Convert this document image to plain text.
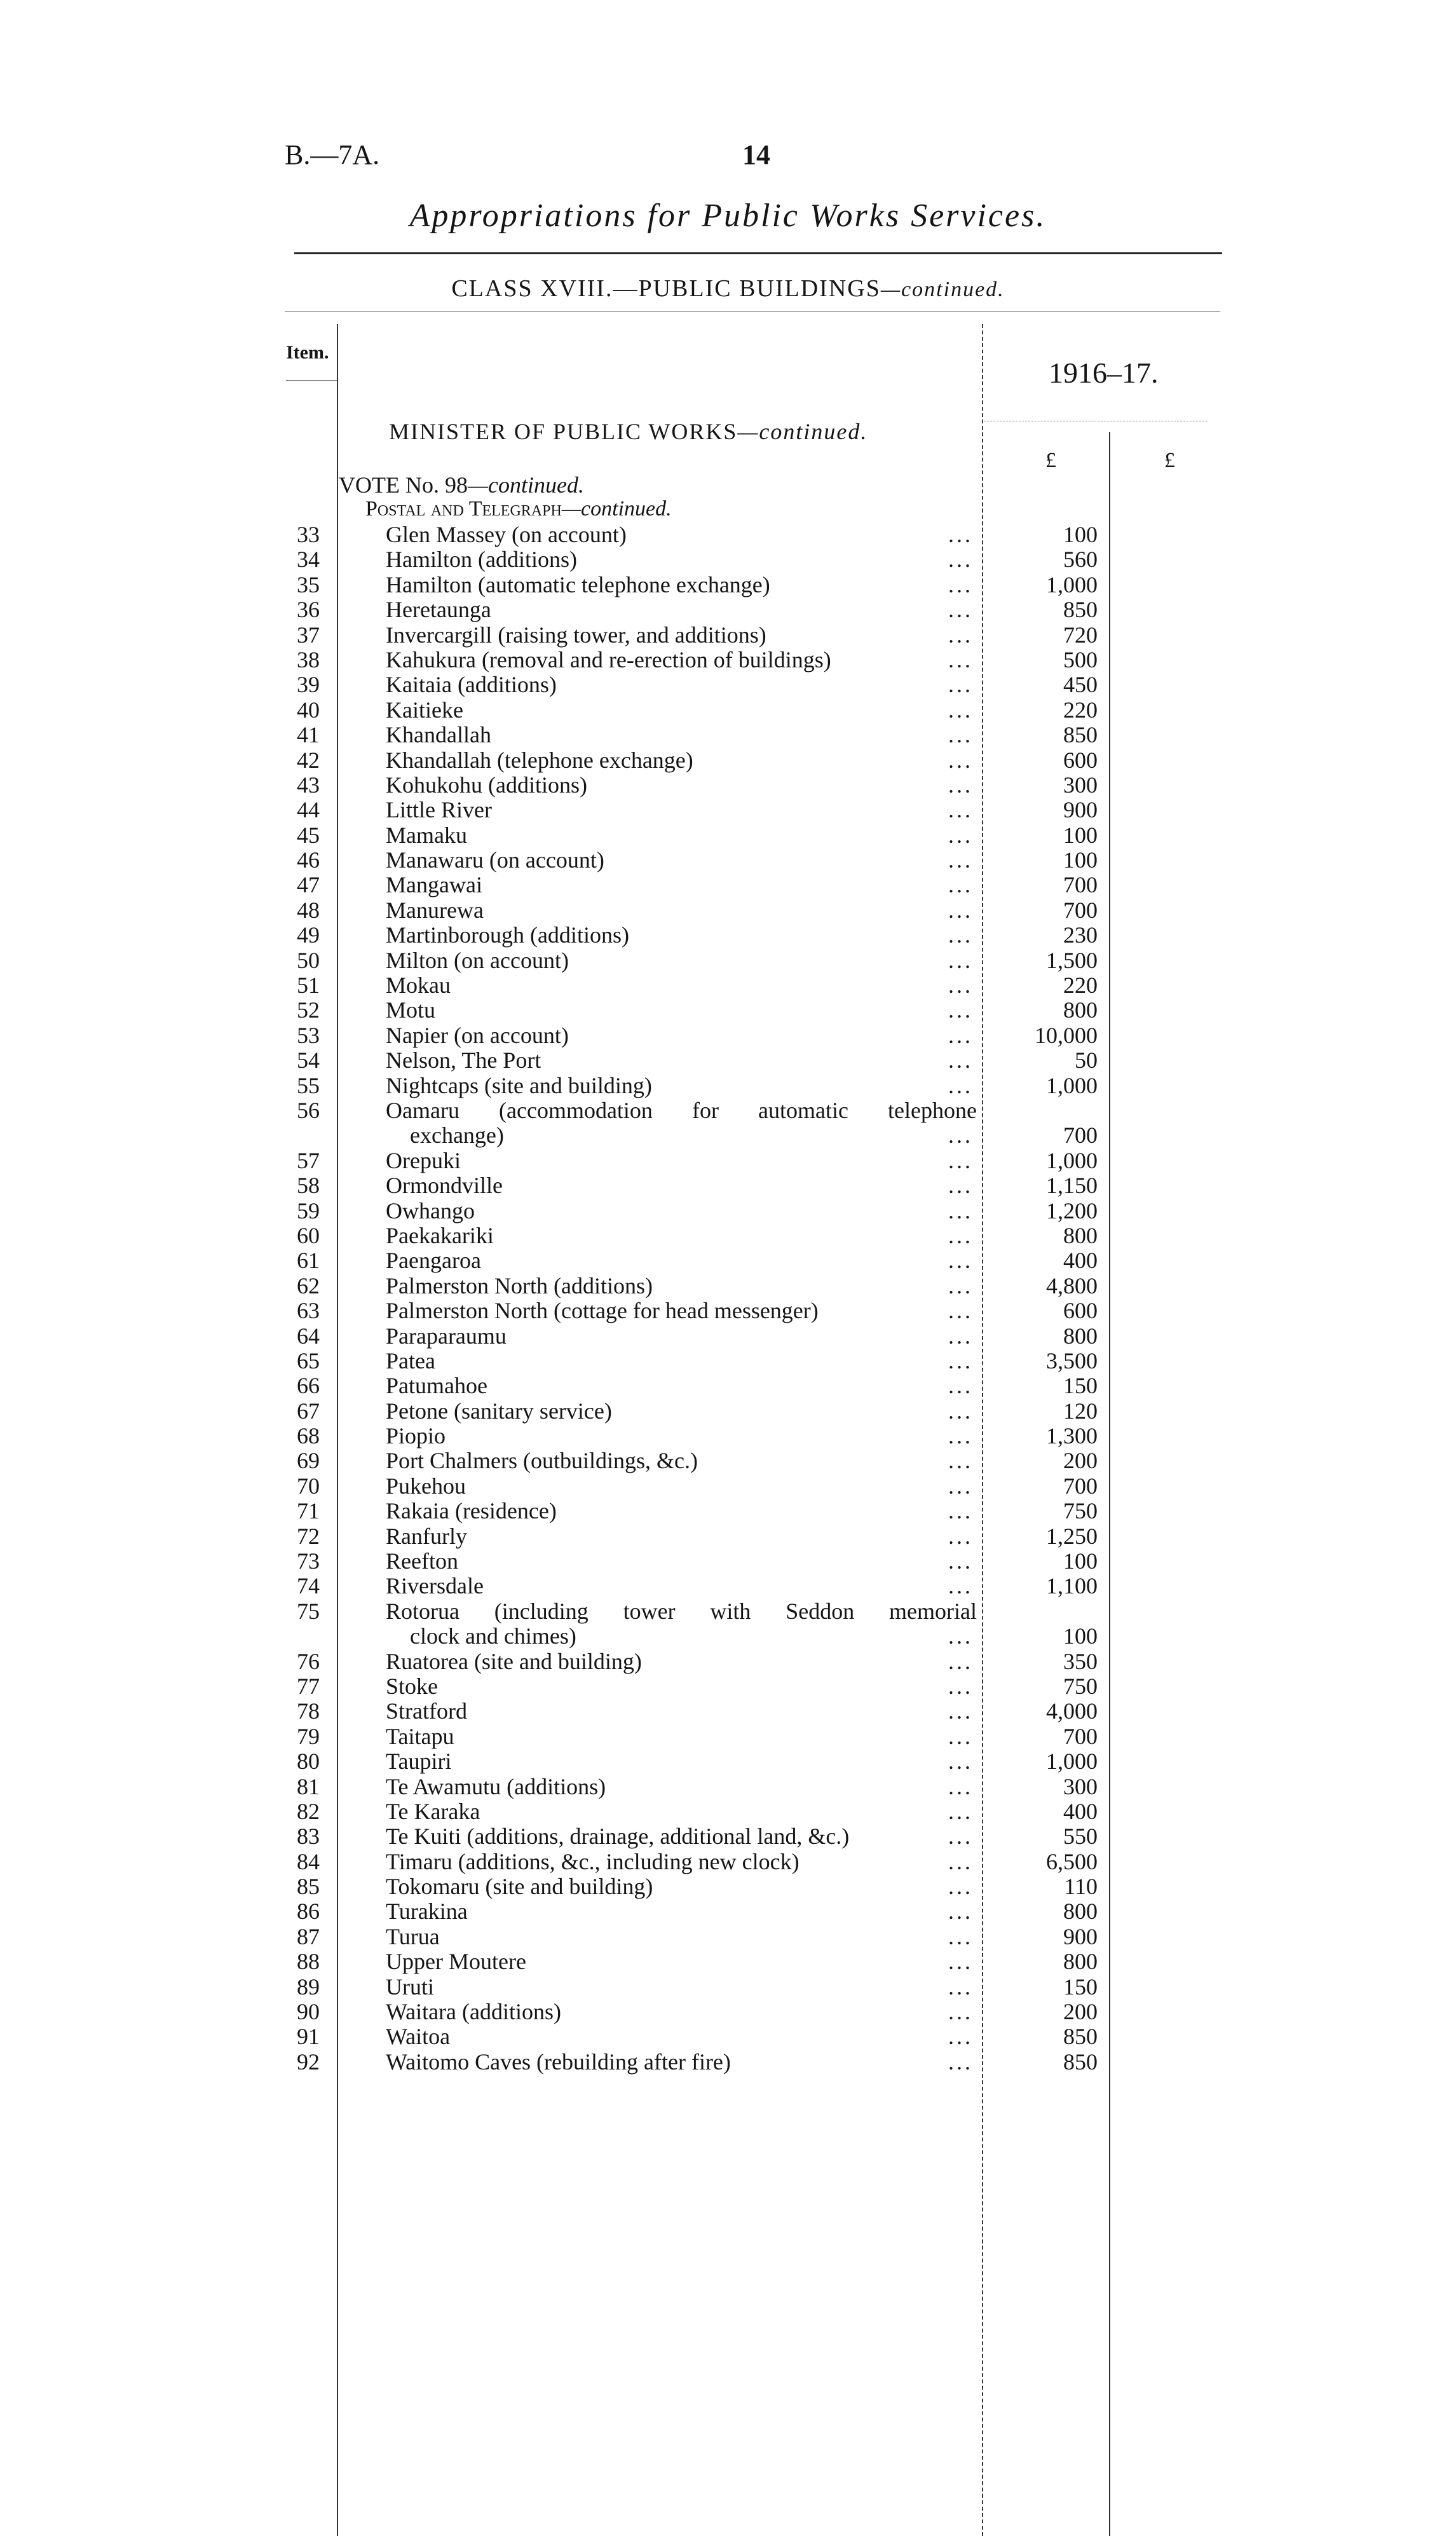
B.—7A.	14
Appropriations for Public Works Services.
CLASS XVIII.—PUBLIC BUILDINGS—continued.
Item.
1916–17.
MINISTER OF PUBLIC WORKS—continued.
£	£
VOTE No. 98—continued.
Postal and Telegraph—continued.
33	Glen Massey (on account)	...	100
34	Hamilton (additions)	...	560
35	Hamilton (automatic telephone exchange)	...	1,000
36	Heretaunga	...	850
37	Invercargill (raising tower, and additions)	...	720
38	Kahukura (removal and re-erection of buildings)	...	500
39	Kaitaia (additions)	...	450
40	Kaitieke	...	220
41	Khandallah	...	850
42	Khandallah (telephone exchange)	...	600
43	Kohukohu (additions)	...	300
44	Little River	...	900
45	Mamaku	...	100
46	Manawaru (on account)	...	100
47	Mangawai	...	700
48	Manurewa	...	700
49	Martinborough (additions)	...	230
50	Milton (on account)	...	1,500
51	Mokau	...	220
52	Motu	...	800
53	Napier (on account)	...	10,000
54	Nelson, The Port	...	50
55	Nightcaps (site and building)	...	1,000
56	Oamaru (accommodation for automatic telephone
exchange)	...	700
57	Orepuki	...	1,000
58	Ormondville	...	1,150
59	Owhango	...	1,200
60	Paekakariki	...	800
61	Paengaroa	...	400
62	Palmerston North (additions)	...	4,800
63	Palmerston North (cottage for head messenger)	...	600
64	Paraparaumu	...	800
65	Patea	...	3,500
66	Patumahoe	...	150
67	Petone (sanitary service)	...	120
68	Piopio	...	1,300
69	Port Chalmers (outbuildings, &c.)	...	200
70	Pukehou	...	700
71	Rakaia (residence)	...	750
72	Ranfurly	...	1,250
73	Reefton	...	100
74	Riversdale	...	1,100
75	Rotorua (including tower with Seddon memorial
clock and chimes)	...	100
76	Ruatorea (site and building)	...	350
77	Stoke	...	750
78	Stratford	...	4,000
79	Taitapu	...	700
80	Taupiri	...	1,000
81	Te Awamutu (additions)	...	300
82	Te Karaka	...	400
83	Te Kuiti (additions, drainage, additional land, &c.)	...	550
84	Timaru (additions, &c., including new clock)	...	6,500
85	Tokomaru (site and building)	...	110
86	Turakina	...	800
87	Turua	...	900
88	Upper Moutere	...	800
89	Uruti	...	150
90	Waitara (additions)	...	200
91	Waitoa	...	850
92	Waitomo Caves (rebuilding after fire)	...	850
